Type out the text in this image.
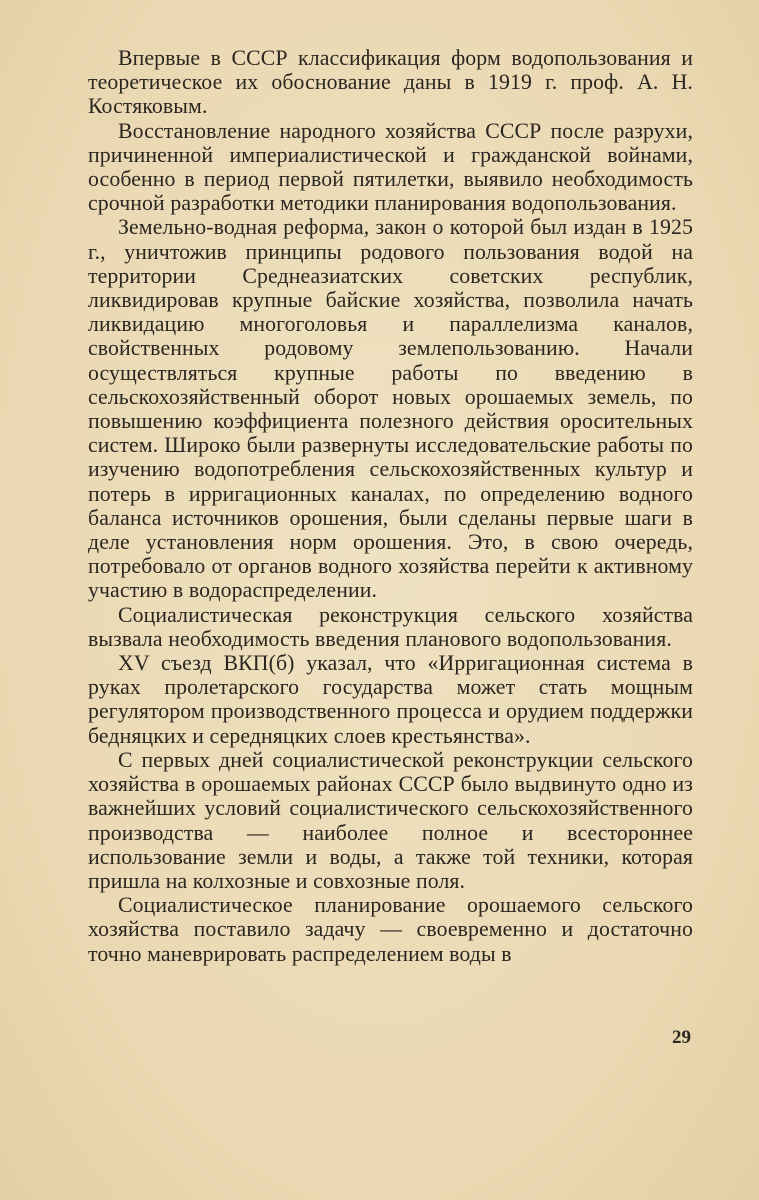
Впервые в СССР классификация форм водопользования и теоретическое их обоснование даны в 1919 г. проф. А. Н. Костяковым.

Восстановление народного хозяйства СССР после разрухи, причиненной империалистической и гражданской войнами, особенно в период первой пятилетки, выявило необходимость срочной разработки методики планирования водопользования.

Земельно-водная реформа, закон о которой был издан в 1925 г., уничтожив принципы родового пользования водой на территории Среднеазиатских советских республик, ликвидировав крупные байские хозяйства, позволила начать ликвидацию многоголовья и параллелизма каналов, свойственных родовому землепользованию. Начали осуществляться крупные работы по введению в сельскохозяйственный оборот новых орошаемых земель, по повышению коэффициента полезного действия оросительных систем. Широко были развернуты исследовательские работы по изучению водопотребления сельскохозяйственных культур и потерь в ирригационных каналах, по определению водного баланса источников орошения, были сделаны первые шаги в деле установления норм орошения. Это, в свою очередь, потребовало от органов водного хозяйства перейти к активному участию в водораспределении.

Социалистическая реконструкция сельского хозяйства вызвала необходимость введения планового водопользования.

XV съезд ВКП(б) указал, что «Ирригационная система в руках пролетарского государства может стать мощным регулятором производственного процесса и орудием поддержки бедняцких и середняцких слоев крестьянства».

С первых дней социалистической реконструкции сельского хозяйства в орошаемых районах СССР было выдвинуто одно из важнейших условий социалистического сельскохозяйственного производства — наиболее полное и всестороннее использование земли и воды, а также той техники, которая пришла на колхозные и совхозные поля.

Социалистическое планирование орошаемого сельского хозяйства поставило задачу — своевременно и достаточно точно маневрировать распределением воды в

29
